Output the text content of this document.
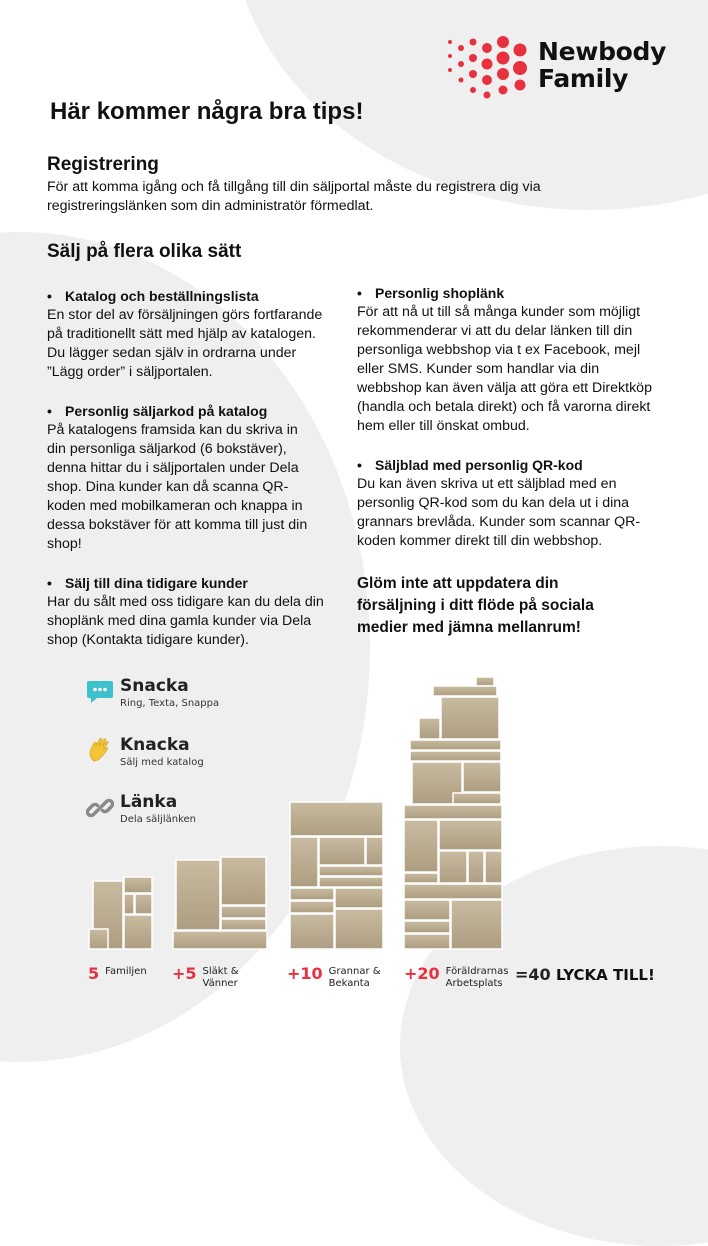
Newbody
Family
Här kommer några bra tips!
Registrering

För att komma igång och få tillgång till din säljportal måste du registrera dig via registreringslänken som din administratör förmedlat.

Sälj på flera olika sätt

• Katalog och beställningslista

En stor del av försäljningen görs fortfarande på traditionellt sätt med hjälp av katalogen. Du lägger sedan själv in ordrarna under ”Lägg order” i säljportalen.

• Personlig säljarkod på katalog

På katalogens framsida kan du skriva in din personliga säljarkod (6 bokstäver), denna hittar du i säljportalen under Dela shop. Dina kunder kan då scanna QR-koden med mobilkameran och knappa in dessa bokstäver för att komma till just din shop!

• Sälj till dina tidigare kunder

Har du sålt med oss tidigare kan du dela din shoplänk med dina gamla kunder via Dela shop (Kontakta tidigare kunder).

• Personlig shoplänk

För att nå ut till så många kunder som möjligt rekommenderar vi att du delar länken till din personliga webbshop via t ex Facebook, mejl eller SMS. Kunder som handlar via din webbshop kan även välja att göra ett Direktköp (handla och betala direkt) och få varorna direkt hem eller till önskat ombud.

• Säljblad med personlig QR-kod

Du kan även skriva ut ett säljblad med en personlig QR-kod som du kan dela ut i dina grannars brevlåda. Kunder som scannar QR-koden kommer direkt till din webbshop.

Glöm inte att uppdatera din försäljning i ditt flöde på sociala medier med jämna mellanrum!

Snacka
Ring, Texta, Snappa
Knacka
Sälj med katalog
Länka
Dela säljlänken
5 Familjen +5 Släkt &
Vänner
+10 Grannar &
Bekanta
+20 Föräldrarnas
Arbetsplats =40 LYCKA TILL!
